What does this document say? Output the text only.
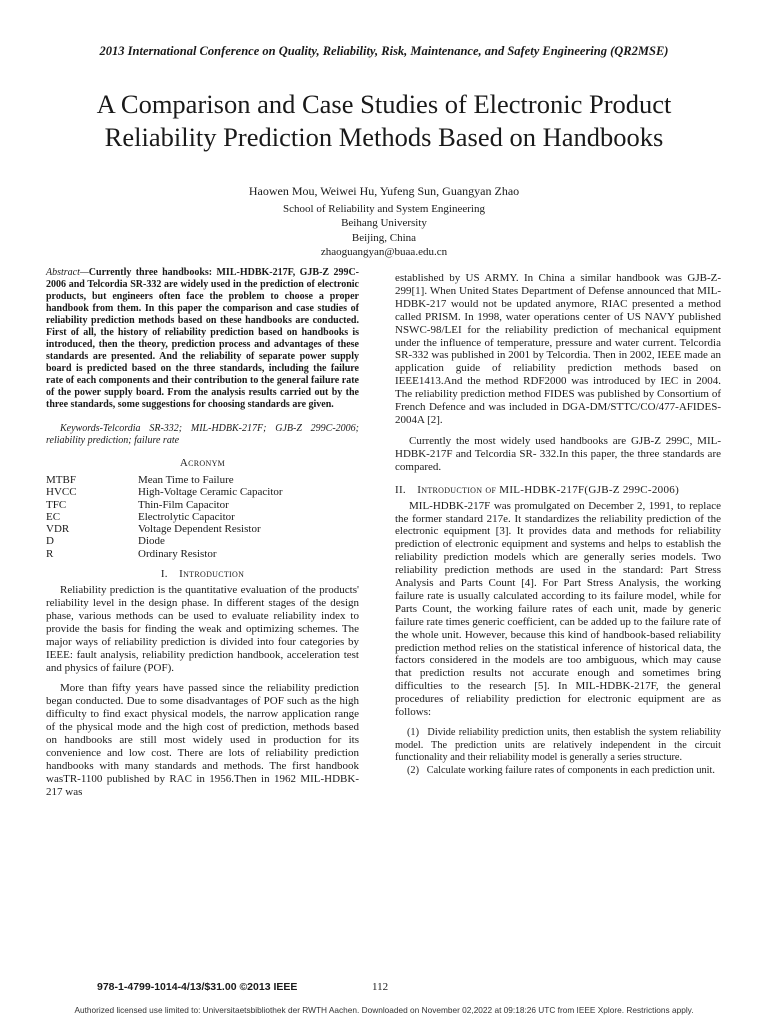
2013 International Conference on Quality, Reliability, Risk, Maintenance, and Safety Engineering (QR2MSE)
A Comparison and Case Studies of Electronic Product
Reliability Prediction Methods Based on Handbooks
Haowen Mou, Weiwei Hu, Yufeng Sun, Guangyan Zhao
School of Reliability and System Engineering
Beihang University
Beijing, China
zhaoguangyan@buaa.edu.cn

Abstract—Currently three handbooks: MIL-HDBK-217F, GJB-Z 299C-2006 and Telcordia SR-332 are widely used in the prediction of electronic products, but engineers often face the problem to choose a proper handbook from them. In this paper the comparison and case studies of reliability prediction methods based on these handbooks are conducted. First of all, the history of reliability prediction based on handbooks is introduced, then the theory, prediction process and advantages of these standards are presented. And the reliability of separate power supply board is predicted based on the three standards, including the failure rate of each components and their contribution to the general failure rate of the power supply board. From the analysis results carried out by the three standards, some suggestions for choosing standards are given.

Keywords-Telcordia SR-332; MIL-HDBK-217F; GJB-Z 299C-2006; reliability prediction; failure rate

Acronym

MTBF	Mean Time to Failure
HVCC	High-Voltage Ceramic Capacitor
TFC	Thin-Film Capacitor
EC	Electrolytic Capacitor
VDR	Voltage Dependent Resistor
D	Diode
R	Ordinary Resistor

I. Introduction

Reliability prediction is the quantitative evaluation of the products' reliability level in the design phase. In different stages of the design phase, various methods can be used to evaluate reliability index to provide the basis for finding the weak and optimizing schemes. The major ways of reliability prediction is divided into four categories by IEEE: fault analysis, reliability prediction handbook, acceleration test and physics of failure (POF).

More than fifty years have passed since the reliability prediction began conducted. Due to some disadvantages of POF such as the high difficulty to find exact physical models, the narrow application range of the physical mode and the high cost of prediction, methods based on handbooks are still most widely used in production for its convenience and low cost. There are lots of reliability prediction handbooks with many standards and methods. The first handbook wasTR-1100 published by RAC in 1956.Then in 1962 MIL-HDBK-217 was

established by US ARMY. In China a similar handbook was GJB-Z-299[1]. When United States Department of Defense announced that MIL-HDBK-217 would not be updated anymore, RIAC presented a method called PRISM. In 1998, water operations center of US NAVY published NSWC-98/LEI for the reliability prediction of mechanical equipment under the influence of temperature, pressure and water current. Telcordia SR-332 was published in 2001 by Telcordia. Then in 2002, IEEE made an application guide of reliability prediction methods based on IEEE1413.And the method RDF2000 was introduced by IEC in 2004. The reliability prediction method FIDES was published by Consortium of French Defence and was included in DGA-DM/STTC/CO/477-AFIDES-2004A [2].

Currently the most widely used handbooks are GJB-Z 299C, MIL-HDBK-217F and Telcordia SR- 332.In this paper, the three standards are compared.

II. Introduction of MIL-HDBK-217F(GJB-Z 299C-2006)

MIL-HDBK-217F was promulgated on December 2, 1991, to replace the former standard 217e. It standardizes the reliability prediction of the electronic equipment [3]. It provides data and methods for reliability prediction of electronic equipment and systems and helps to establish the reliability prediction models which are generally series models. Two reliability prediction methods are used in the standard: Part Stress Analysis and Parts Count [4]. For Part Stress Analysis, the working failure rate is usually calculated according to its failure model, while for Parts Count, the working failure rates of each unit, made by generic failure rate times generic coefficient, can be added up to the failure rate of the whole unit. However, because this kind of handbook-based reliability prediction method relies on the statistical inference of historical data, the factors considered in the models are too ambiguous, which may cause that prediction results not accurate enough and sometimes bring difficulties to the research [5]. In MIL-HDBK-217F, the general procedures of reliability prediction for electronic equipment are as follows:

(1)  Divide reliability prediction units, then establish the system reliability model. The prediction units are relatively independent in the circuit functionality and their reliability model is generally a series structure.

(2)  Calculate working failure rates of components in each prediction unit.

978-1-4799-1014-4/13/$31.00 ©2013 IEEE	112
Authorized licensed use limited to: Universitaetsbibliothek der RWTH Aachen. Downloaded on November 02,2022 at 09:18:26 UTC from IEEE Xplore. Restrictions apply.
